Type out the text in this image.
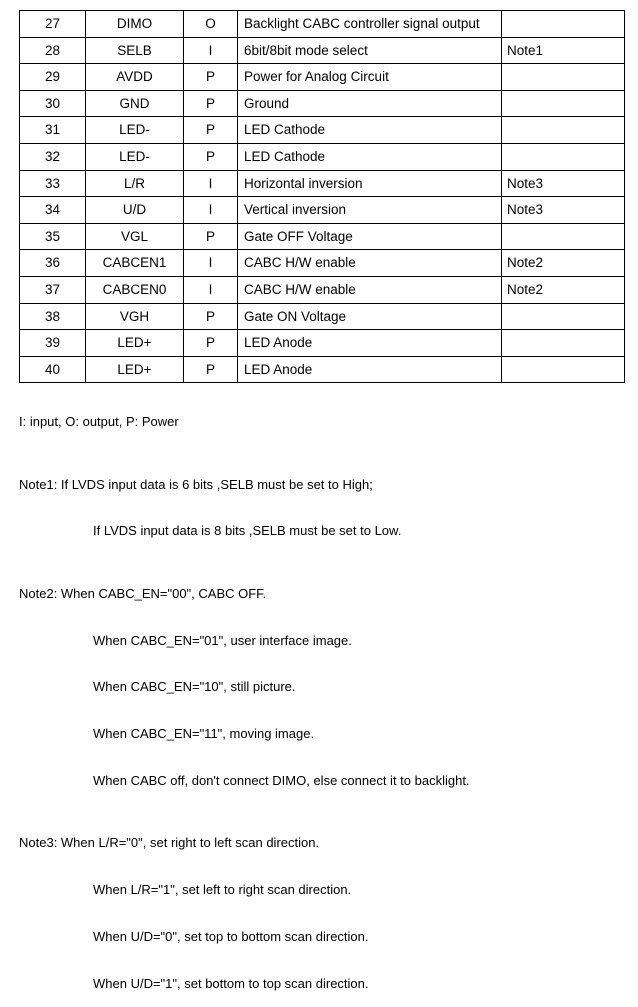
27	DIMO	O	Backlight CABC controller signal output	
28	SELB	I	6bit/8bit mode select	Note1
29	AVDD	P	Power for Analog Circuit	
30	GND	P	Ground	
31	LED-	P	LED Cathode	
32	LED-	P	LED Cathode	
33	L/R	I	Horizontal inversion	Note3
34	U/D	I	Vertical inversion	Note3
35	VGL	P	Gate OFF Voltage	
36	CABCEN1	I	CABC H/W enable	Note2
37	CABCEN0	I	CABC H/W enable	Note2
38	VGH	P	Gate ON Voltage	
39	LED+	P	LED Anode	
40	LED+	P	LED Anode	

I: input, O: output, P: Power

Note1: If LVDS input data is 6 bits ,SELB must be set to High;

If LVDS input data is 8 bits ,SELB must be set to Low.

Note2: When CABC_EN="00", CABC OFF.

When CABC_EN="01", user interface image.

When CABC_EN="10", still picture.

When CABC_EN="11", moving image.

When CABC off, don't connect DIMO, else connect it to backlight.

Note3: When L/R="0", set right to left scan direction.

When L/R="1", set left to right scan direction.

When U/D="0", set top to bottom scan direction.

When U/D="1", set bottom to top scan direction.
